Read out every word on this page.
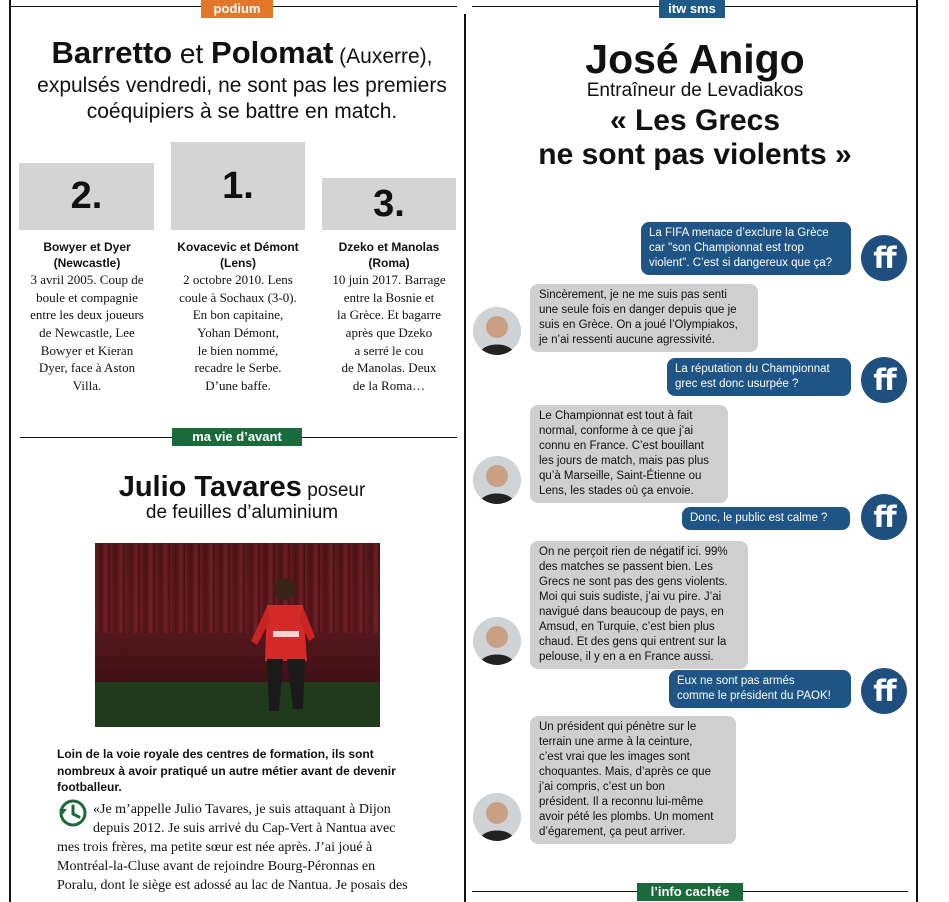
podium
Barretto et Polomat (Auxerre),
expulsés vendredi, ne sont pas les premiers
coéquipiers à se battre en match.
2.	1.	3.
Bowyer et Dyer
(Newcastle)
3 avril 2005. Coup de
boule et compagnie
entre les deux joueurs
de Newcastle, Lee
Bowyer et Kieran
Dyer, face à Aston
Villa.
Kovacevic et Démont
(Lens)
2 octobre 2010. Lens
coule à Sochaux (3-0).
En bon capitaine,
Yohan Démont,
le bien nommé,
recadre le Serbe.
D’une baffe.
Dzeko et Manolas
(Roma)
10 juin 2017. Barrage
entre la Bosnie et
la Grèce. Et bagarre
après que Dzeko
a serré le cou
de Manolas. Deux
de la Roma…
ma vie d’avant
Julio Tavares poseur
de feuilles d’aluminium
Loin de la voie royale des centres de formation, ils sont nombreux à avoir pratiqué un autre métier avant de devenir footballeur.
«Je m’appelle Julio Tavares, je suis attaquant à Dijon
depuis 2012. Je suis arrivé du Cap-Vert à Nantua avec
mes trois frères, ma petite sœur est née après. J’ai joué à
Montréal-la-Cluse avant de rejoindre Bourg-Péronnas en
Poralu, dont le siège est adossé au lac de Nantua. Je posais des
itw sms
José Anigo
Entraîneur de Levadiakos
« Les Grecs
ne sont pas violents »
La FIFA menace d’exclure la Grèce
car "son Championnat est trop
violent". C’est si dangereux que ça?	ff
Sincèrement, je ne me suis pas senti
une seule fois en danger depuis que je
suis en Grèce. On a joué l’Olympiakos,
je n’ai ressenti aucune agressivité.
La réputation du Championnat
grec est donc usurpée ?	ff
Le Championnat est tout à fait
normal, conforme à ce que j’ai
connu en France. C’est bouillant
les jours de match, mais pas plus
qu’à Marseille, Saint-Étienne ou
Lens, les stades où ça envoie.
Donc, le public est calme ?	ff
On ne perçoit rien de négatif ici. 99%
des matches se passent bien. Les
Grecs ne sont pas des gens violents.
Moi qui suis sudiste, j’ai vu pire. J’ai
navigué dans beaucoup de pays, en
Amsud, en Turquie, c’est bien plus
chaud. Et des gens qui entrent sur la
pelouse, il y en a en France aussi.
Eux ne sont pas armés
comme le président du PAOK!	ff
Un président qui pénètre sur le
terrain une arme à la ceinture,
c’est vrai que les images sont
choquantes. Mais, d’après ce que
j’ai compris, c’est un bon
président. Il a reconnu lui-même
avoir pété les plombs. Un moment
d’égarement, ça peut arriver.
l’info cachée
